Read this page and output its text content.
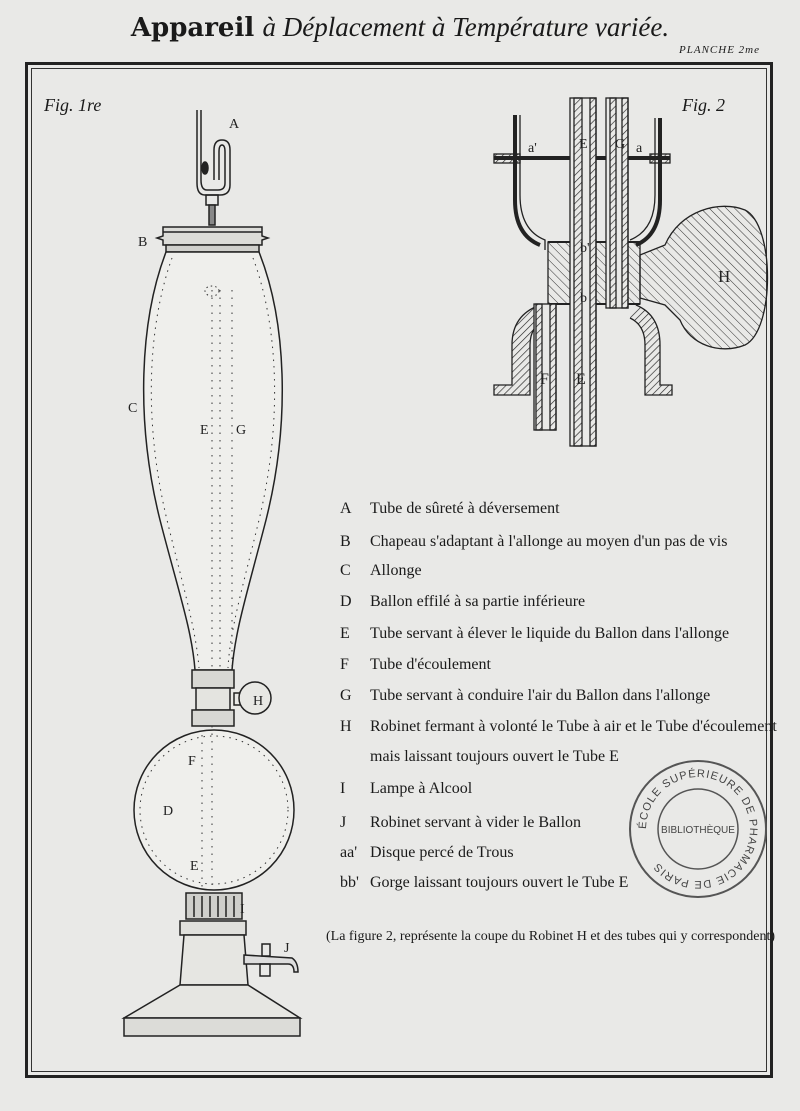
Appareil à Déplacement à Température variée.
PLANCHE 2me
Fig. 1re	Fig. 2
A
B
C
E G
H
F
D
E
I
J
a'	E G a
b'
b
H
F E
A Tube de sûreté à déversement
B Chapeau s'adaptant à l'allonge au moyen d'un pas de vis
C Allonge
D Ballon effilé à sa partie inférieure
E Tube servant à élever le liquide du Ballon dans l'allonge
F Tube d'écoulement
G Tube servant à conduire l'air du Ballon dans l'allonge
H Robinet fermant à volonté le Tube à air et le Tube d'écoulement
mais laissant toujours ouvert le Tube E
I Lampe à Alcool
J Robinet servant à vider le Ballon
aa' Disque percé de Trous
bb' Gorge laissant toujours ouvert le Tube E
(La figure 2, représente la coupe du Robinet H et des tubes qui y correspondent)
ÉCOLE SUPÉRIEURE DE PHARMACIE DE PARIS
BIBLIOTHÈQUE
